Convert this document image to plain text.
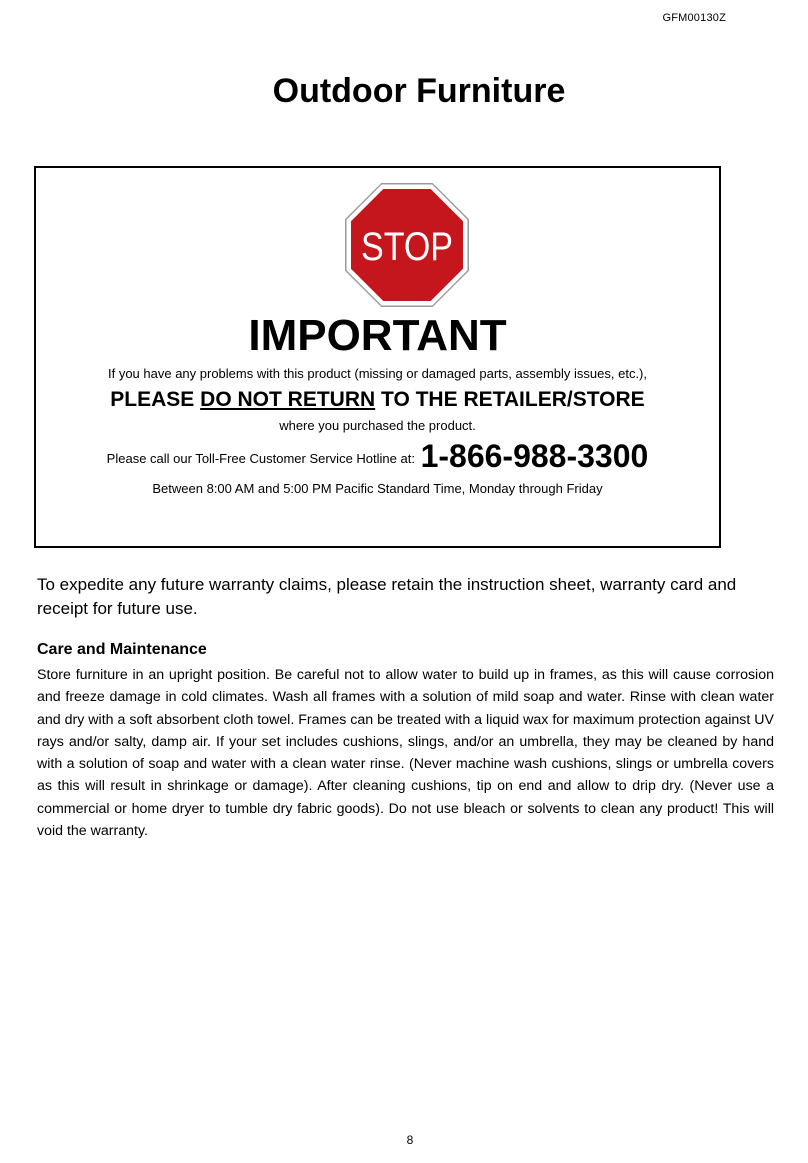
GFM00130Z
Outdoor Furniture
STOP
IMPORTANT
If you have any problems with this product (missing or damaged parts, assembly issues, etc.),
PLEASE DO NOT RETURN TO THE RETAILER/STORE
where you purchased the product.
Please call our Toll-Free Customer Service Hotline at: 1-866-988-3300
Between 8:00 AM and 5:00 PM Pacific Standard Time, Monday through Friday

To expedite any future warranty claims, please retain the instruction sheet, warranty card and receipt for future use.

Care and Maintenance

Store furniture in an upright position. Be careful not to allow water to build up in frames, as this will cause corrosion and freeze damage in cold climates. Wash all frames with a solution of mild soap and water. Rinse with clean water and dry with a soft absorbent cloth towel. Frames can be treated with a liquid wax for maximum protection against UV rays and/or salty, damp air. If your set includes cushions, slings, and/or an umbrella, they may be cleaned by hand with a solution of soap and water with a clean water rinse. (Never machine wash cushions, slings or umbrella covers as this will result in shrinkage or damage). After cleaning cushions, tip on end and allow to drip dry. (Never use a commercial or home dryer to tumble dry fabric goods). Do not use bleach or solvents to clean any product! This will void the warranty.

8
